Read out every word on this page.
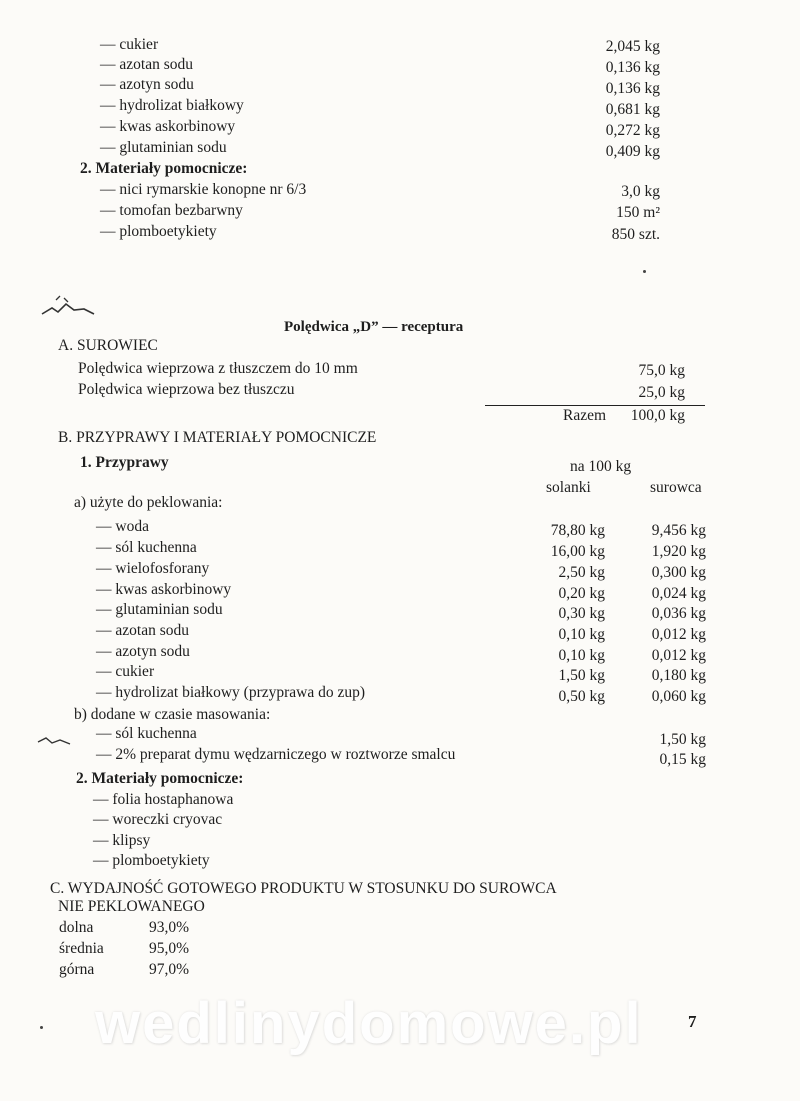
— cukier	2,045 kg
— azotan sodu	0,136 kg
— azotyn sodu	0,136 kg
— hydrolizat białkowy	0,681 kg
— kwas askorbinowy	0,272 kg
— glutaminian sodu	0,409 kg
2. Materiały pomocnicze:
— nici rymarskie konopne nr 6/3	3,0 kg
— tomofan bezbarwny	150 m²
— plomboetykiety	850 szt.
Polędwica „D” — receptura
A. SUROWIEC
Polędwica wieprzowa z tłuszczem do 10 mm	75,0 kg
Polędwica wieprzowa bez tłuszczu	25,0 kg
Razem 100,0 kg
B. PRZYPRAWY I MATERIAŁY POMOCNICZE
1. Przyprawy	na 100 kg
solanki	surowca
a) użyte do peklowania:
— woda	78,80 kg	9,456 kg
— sól kuchenna	16,00 kg	1,920 kg
— wielofosforany	2,50 kg	0,300 kg
— kwas askorbinowy	0,20 kg	0,024 kg
— glutaminian sodu	0,30 kg	0,036 kg
— azotan sodu	0,10 kg	0,012 kg
— azotyn sodu	0,10 kg	0,012 kg
— cukier	1,50 kg	0,180 kg
— hydrolizat białkowy (przyprawa do zup)	0,50 kg	0,060 kg
b) dodane w czasie masowania:
— sól kuchenna	1,50 kg
— 2% preparat dymu wędzarniczego w roztworze smalcu	0,15 kg
2. Materiały pomocnicze:
— folia hostaphanowa
— woreczki cryovac
— klipsy
— plomboetykiety
C. WYDAJNOŚĆ GOTOWEGO PRODUKTU W STOSUNKU DO SUROWCA
NIE PEKLOWANEGO
dolna	93,0%
średnia	95,0%
górna	97,0%
wedlinydomowe.pl	7
